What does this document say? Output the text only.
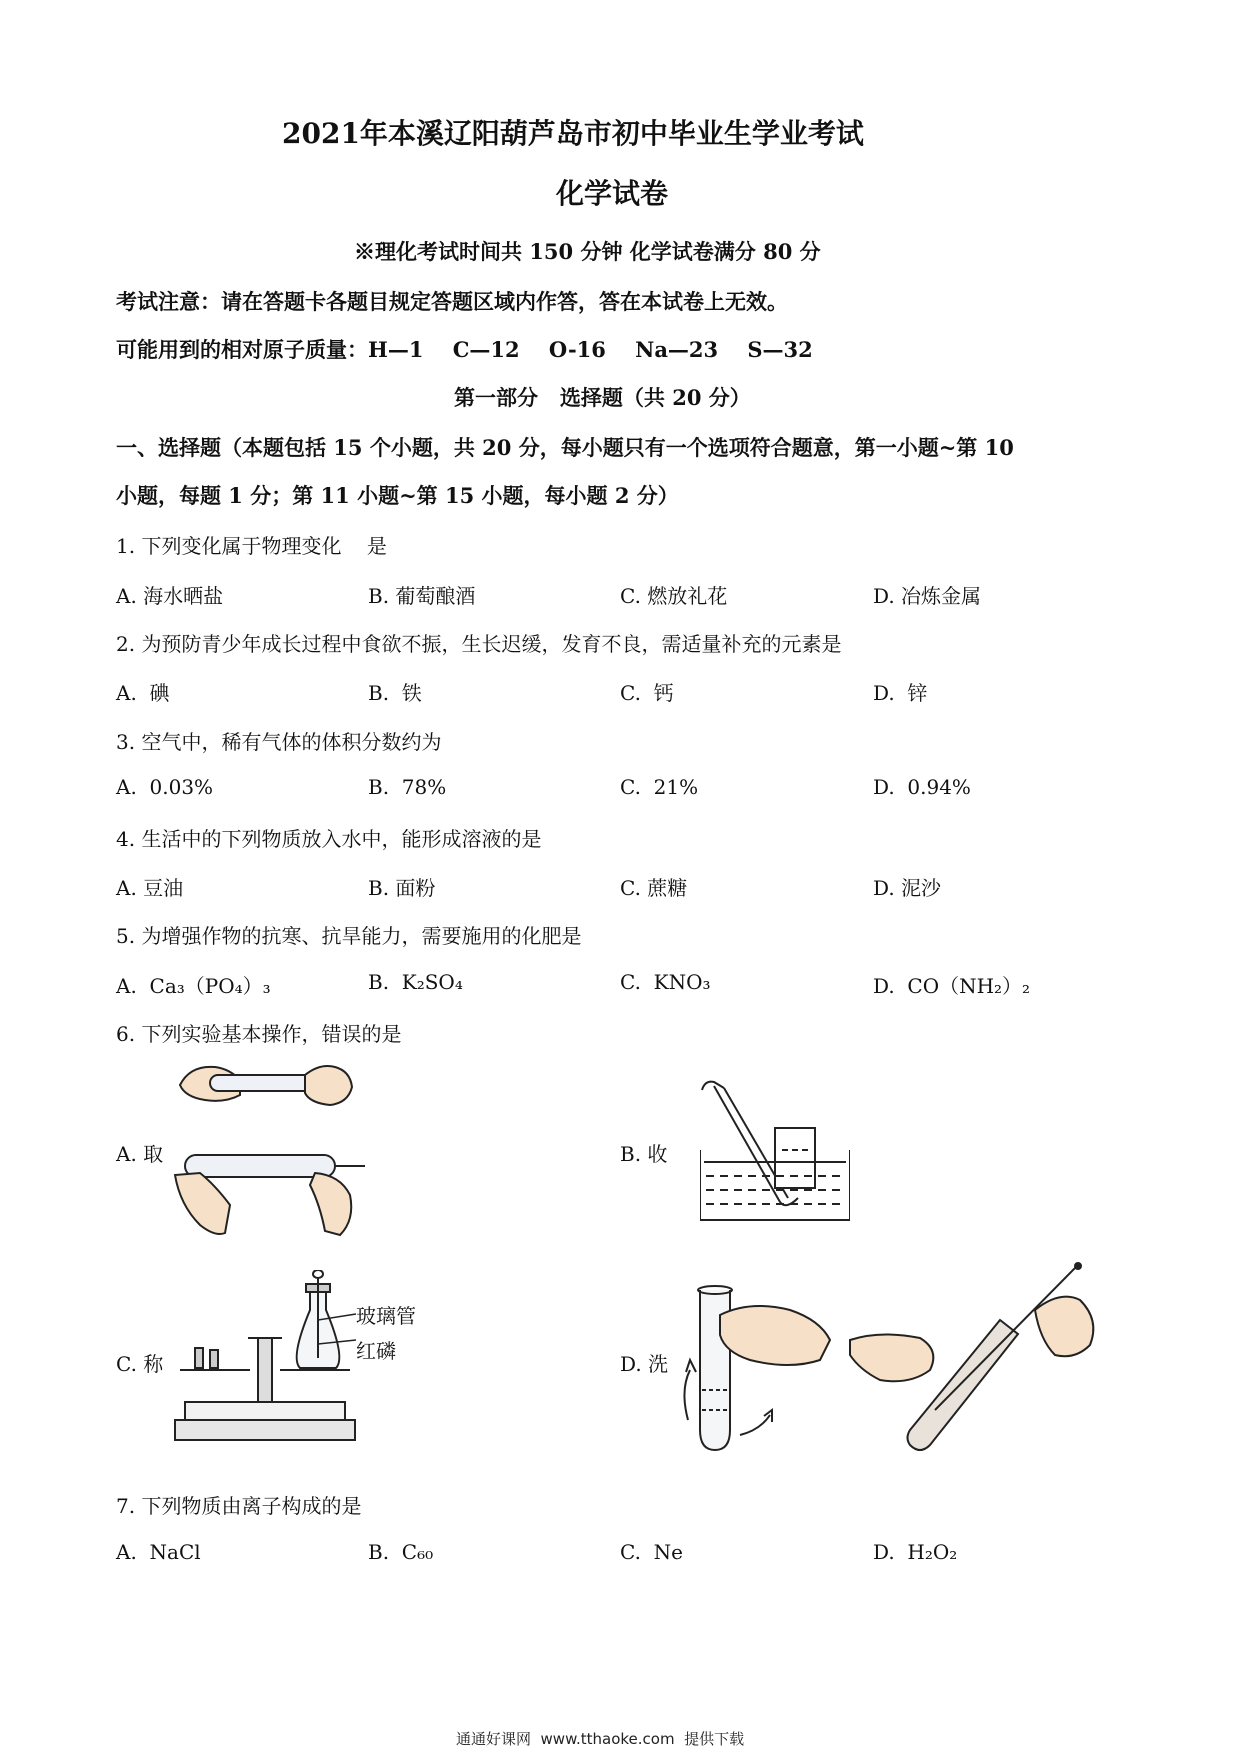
2021年本溪辽阳葫芦岛市初中毕业生学业考试
化学试卷
※理化考试时间共 150 分钟 化学试卷满分 80 分
考试注意：请在答题卡各题目规定答题区域内作答，答在本试卷上无效。
可能用到的相对原子质量：H—1    C—12    O-16    Na—23    S—32
第一部分   选择题（共 20 分）
一、选择题（本题包括 15 个小题，共 20 分，每小题只有一个选项符合题意，第一小题~第 10
小题，每题 1 分；第 11 小题~第 15 小题，每小题 2 分）
1. 下列变化属于物理变化    是
A. 海水晒盐	B. 葡萄酿酒	C. 燃放礼花	D. 冶炼金属
2. 为预防青少年成长过程中食欲不振，生长迟缓，发育不良，需适量补充的元素是
A.  碘	B.  铁	C.  钙	D.  锌
3. 空气中，稀有气体的体积分数约为
A.  0.03%	B.  78%	C.  21%	D.  0.94%
4. 生活中的下列物质放入水中，能形成溶液的是
A. 豆油	B. 面粉	C. 蔗糖	D. 泥沙
5. 为增强作物的抗寒、抗旱能力，需要施用的化肥是
A.  Ca₃（PO₄）₃	B.  K₂SO₄	C.  KNO₃	D.  CO（NH₂）₂
6. 下列实验基本操作，错误的是
A. 取	B. 收
C. 称	D. 洗
玻璃管
红磷
7. 下列物质由离子构成的是
A.  NaCl	B.  C₆₀	C.  Ne	D.  H₂O₂
通通好课网  www.tthaoke.com  提供下载
